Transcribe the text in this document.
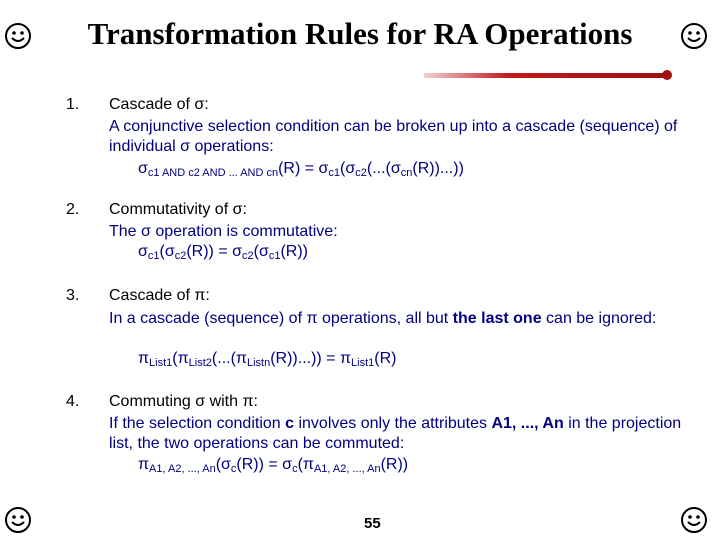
Transformation Rules for RA Operations
1. Cascade of σ:
A conjunctive selection condition can be broken up into a cascade (sequence) of individual σ operations:
$\sigma_{c1 AND c2 AND ... AND cn}(R) = \sigma_{c1}(\sigma_{c2}(...(\sigma_{cn}(R))...))$
2. Commutativity of σ:
The σ operation is commutative:
$\sigma_{c1}(\sigma_{c2}(R)) = \sigma_{c2}(\sigma_{c1}(R))$
3. Cascade of π:
In a cascade (sequence) of π operations, all but the last one can be ignored:
$\pi_{List1}(\pi_{List2}(...(\pi_{Listn}(R))...)) = \pi_{List1}(R)$
4. Commuting σ with π:
If the selection condition c involves only the attributes A1, ..., An in the projection list, the two operations can be commuted:
$\pi_{A1, A2, ..., An}(\sigma_c(R)) = \sigma_c(\pi_{A1, A2, ..., An}(R))$
55
